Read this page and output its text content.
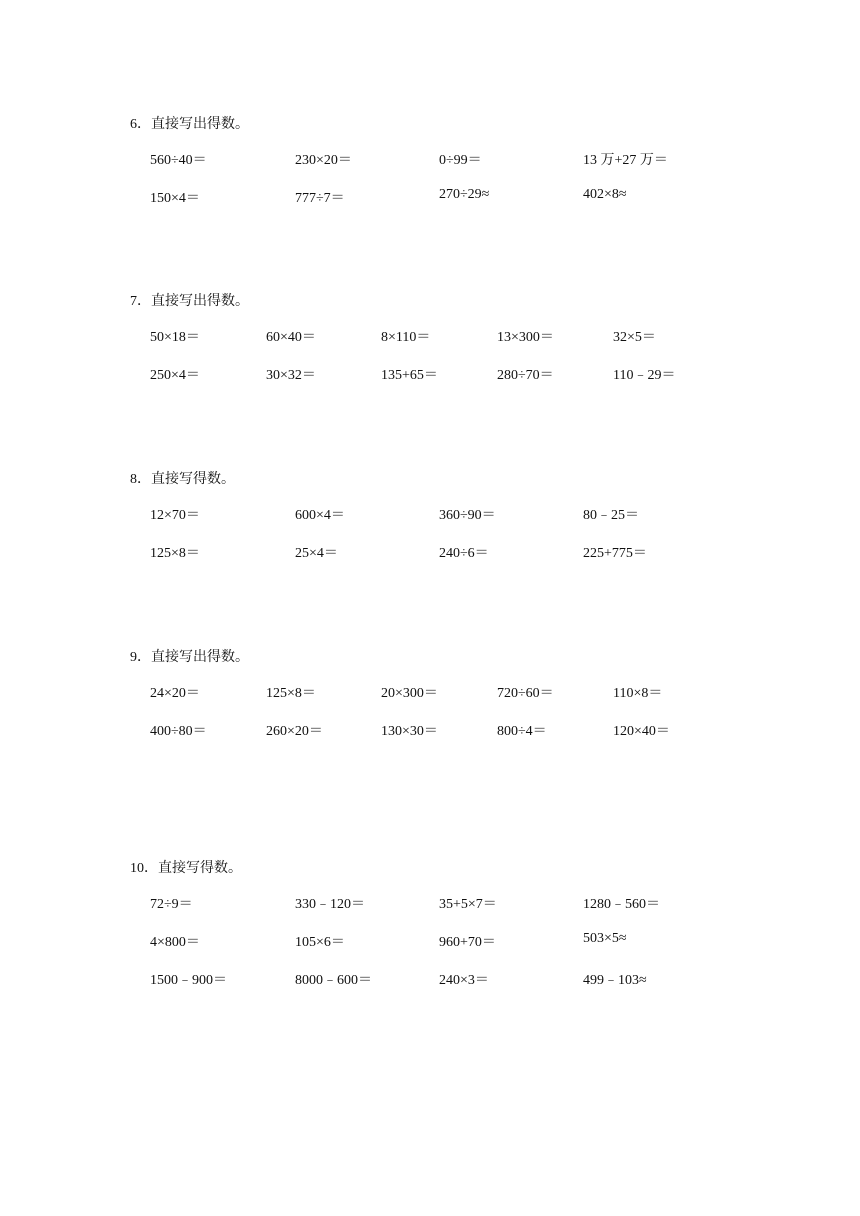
6．直接写出得数。
560÷40＝	230×20＝	0÷99＝	13 万+27 万＝
150×4＝	777÷7＝	270÷29≈	402×8≈
7．直接写出得数。
50×18＝	60×40＝	8×110＝	13×300＝	32×5＝
250×4＝	30×32＝	135+65＝	280÷70＝	110﹣29＝
8．直接写得数。
12×70＝	600×4＝	360÷90＝	80﹣25＝
125×8＝	25×4＝	240÷6＝	225+775＝
9．直接写出得数。
24×20＝	125×8＝	20×300＝	720÷60＝	110×8＝
400÷80＝	260×20＝	130×30＝	800÷4＝	120×40＝
10．直接写得数。
72÷9＝	330﹣120＝	35+5×7＝	1280﹣560＝
4×800＝	105×6＝	960+70＝	503×5≈
1500﹣900＝	8000﹣600＝	240×3＝	499﹣103≈
